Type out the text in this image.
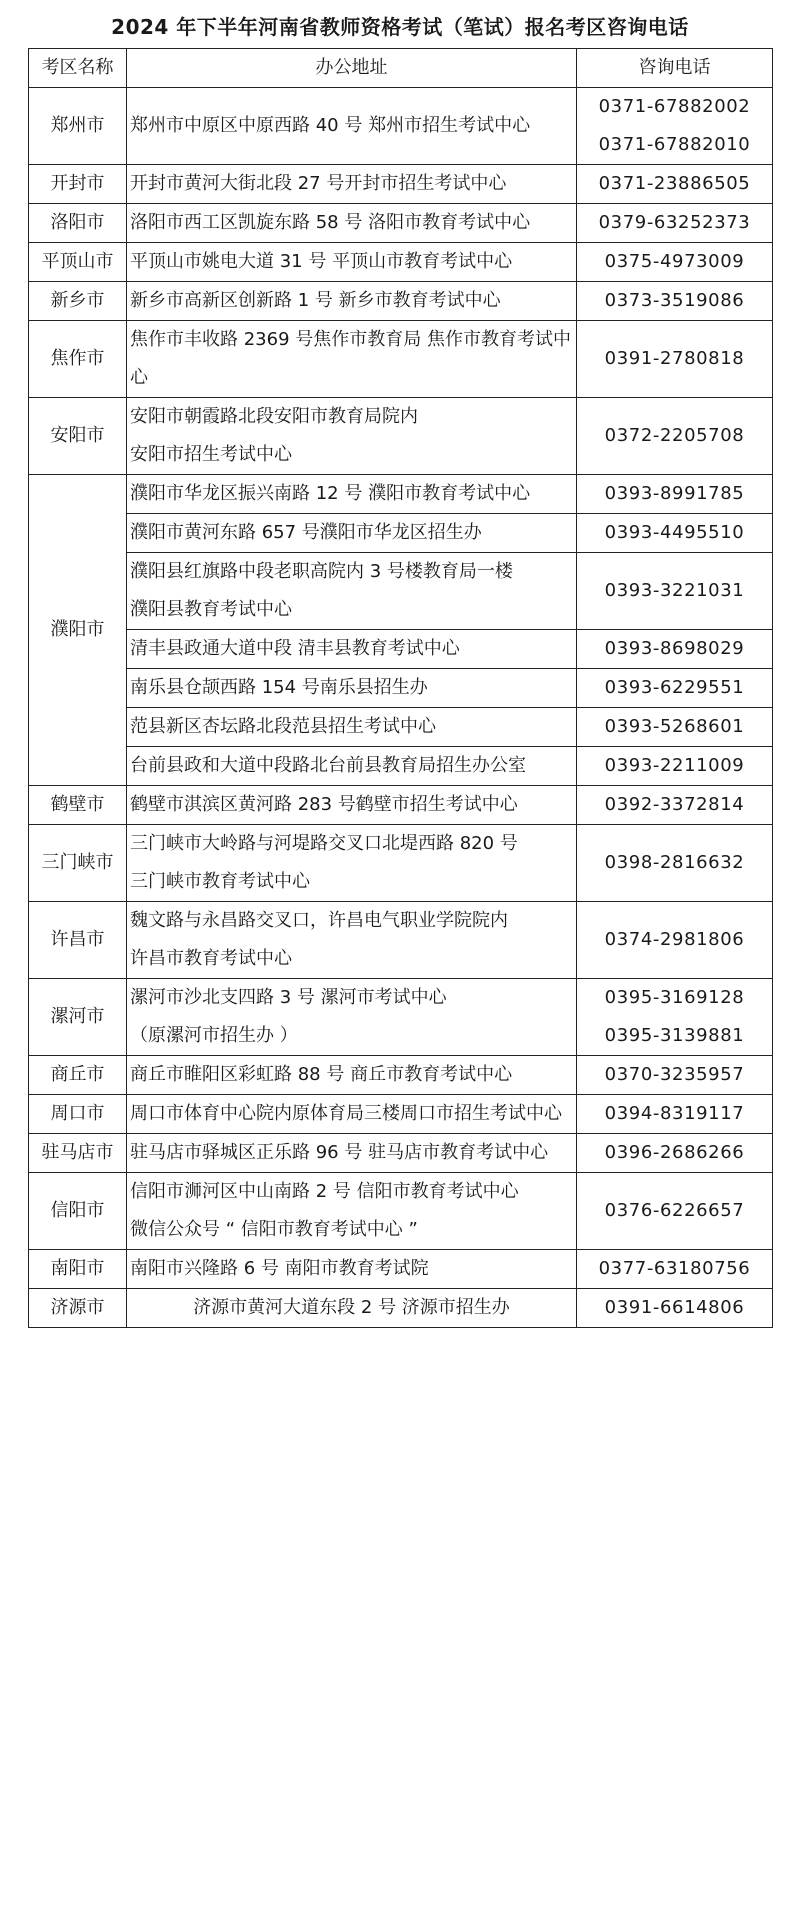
2024 年下半年河南省教师资格考试（笔试）报名考区咨询电话
考区名称	办公地址	咨询电话
郑州市	郑州市中原区中原西路 40 号 郑州市招生考试中心	0371-67882002
0371-67882010

开封市	开封市黄河大街北段 27 号开封市招生考试中心	0371-23886505

洛阳市	洛阳市西工区凯旋东路 58 号 洛阳市教育考试中心	0379-63252373

平顶山市	平顶山市姚电大道 31 号 平顶山市教育考试中心	0375-4973009

新乡市	新乡市高新区创新路 1 号 新乡市教育考试中心	0373-3519086

焦作市	焦作市丰收路 2369 号焦作市教育局 焦作市教育考试中心	0391-2780818

安阳市	安阳市朝霞路北段安阳市教育局院内
安阳市招生考试中心	0372-2205708

濮阳市	濮阳市华龙区振兴南路 12 号 濮阳市教育考试中心	0393-8991785

	濮阳市黄河东路 657 号濮阳市华龙区招生办	0393-4495510

	濮阳县红旗路中段老职高院内 3 号楼教育局一楼
濮阳县教育考试中心	0393-3221031

	清丰县政通大道中段 清丰县教育考试中心	0393-8698029

	南乐县仓颉西路 154 号南乐县招生办	0393-6229551

	范县新区杏坛路北段范县招生考试中心	0393-5268601

	台前县政和大道中段路北台前县教育局招生办公室	0393-2211009

鹤壁市	鹤壁市淇滨区黄河路 283 号鹤壁市招生考试中心	0392-3372814

三门峡市	三门峡市大岭路与河堤路交叉口北堤西路 820 号
三门峡市教育考试中心	0398-2816632

许昌市	魏文路与永昌路交叉口，许昌电气职业学院院内
许昌市教育考试中心	0374-2981806

漯河市	漯河市沙北支四路 3 号 漯河市考试中心
（原漯河市招生办 ）	0395-3169128
0395-3139881

商丘市	商丘市睢阳区彩虹路 88 号 商丘市教育考试中心	0370-3235957

周口市	周口市体育中心院内原体育局三楼周口市招生考试中心	0394-8319117

驻马店市	驻马店市驿城区正乐路 96 号 驻马店市教育考试中心	0396-2686266

信阳市	信阳市浉河区中山南路 2 号 信阳市教育考试中心
微信公众号 “ 信阳市教育考试中心 ”	0376-6226657

南阳市	南阳市兴隆路 6 号 南阳市教育考试院	0377-63180756

济源市	济源市黄河大道东段 2 号 济源市招生办	0391-6614806
